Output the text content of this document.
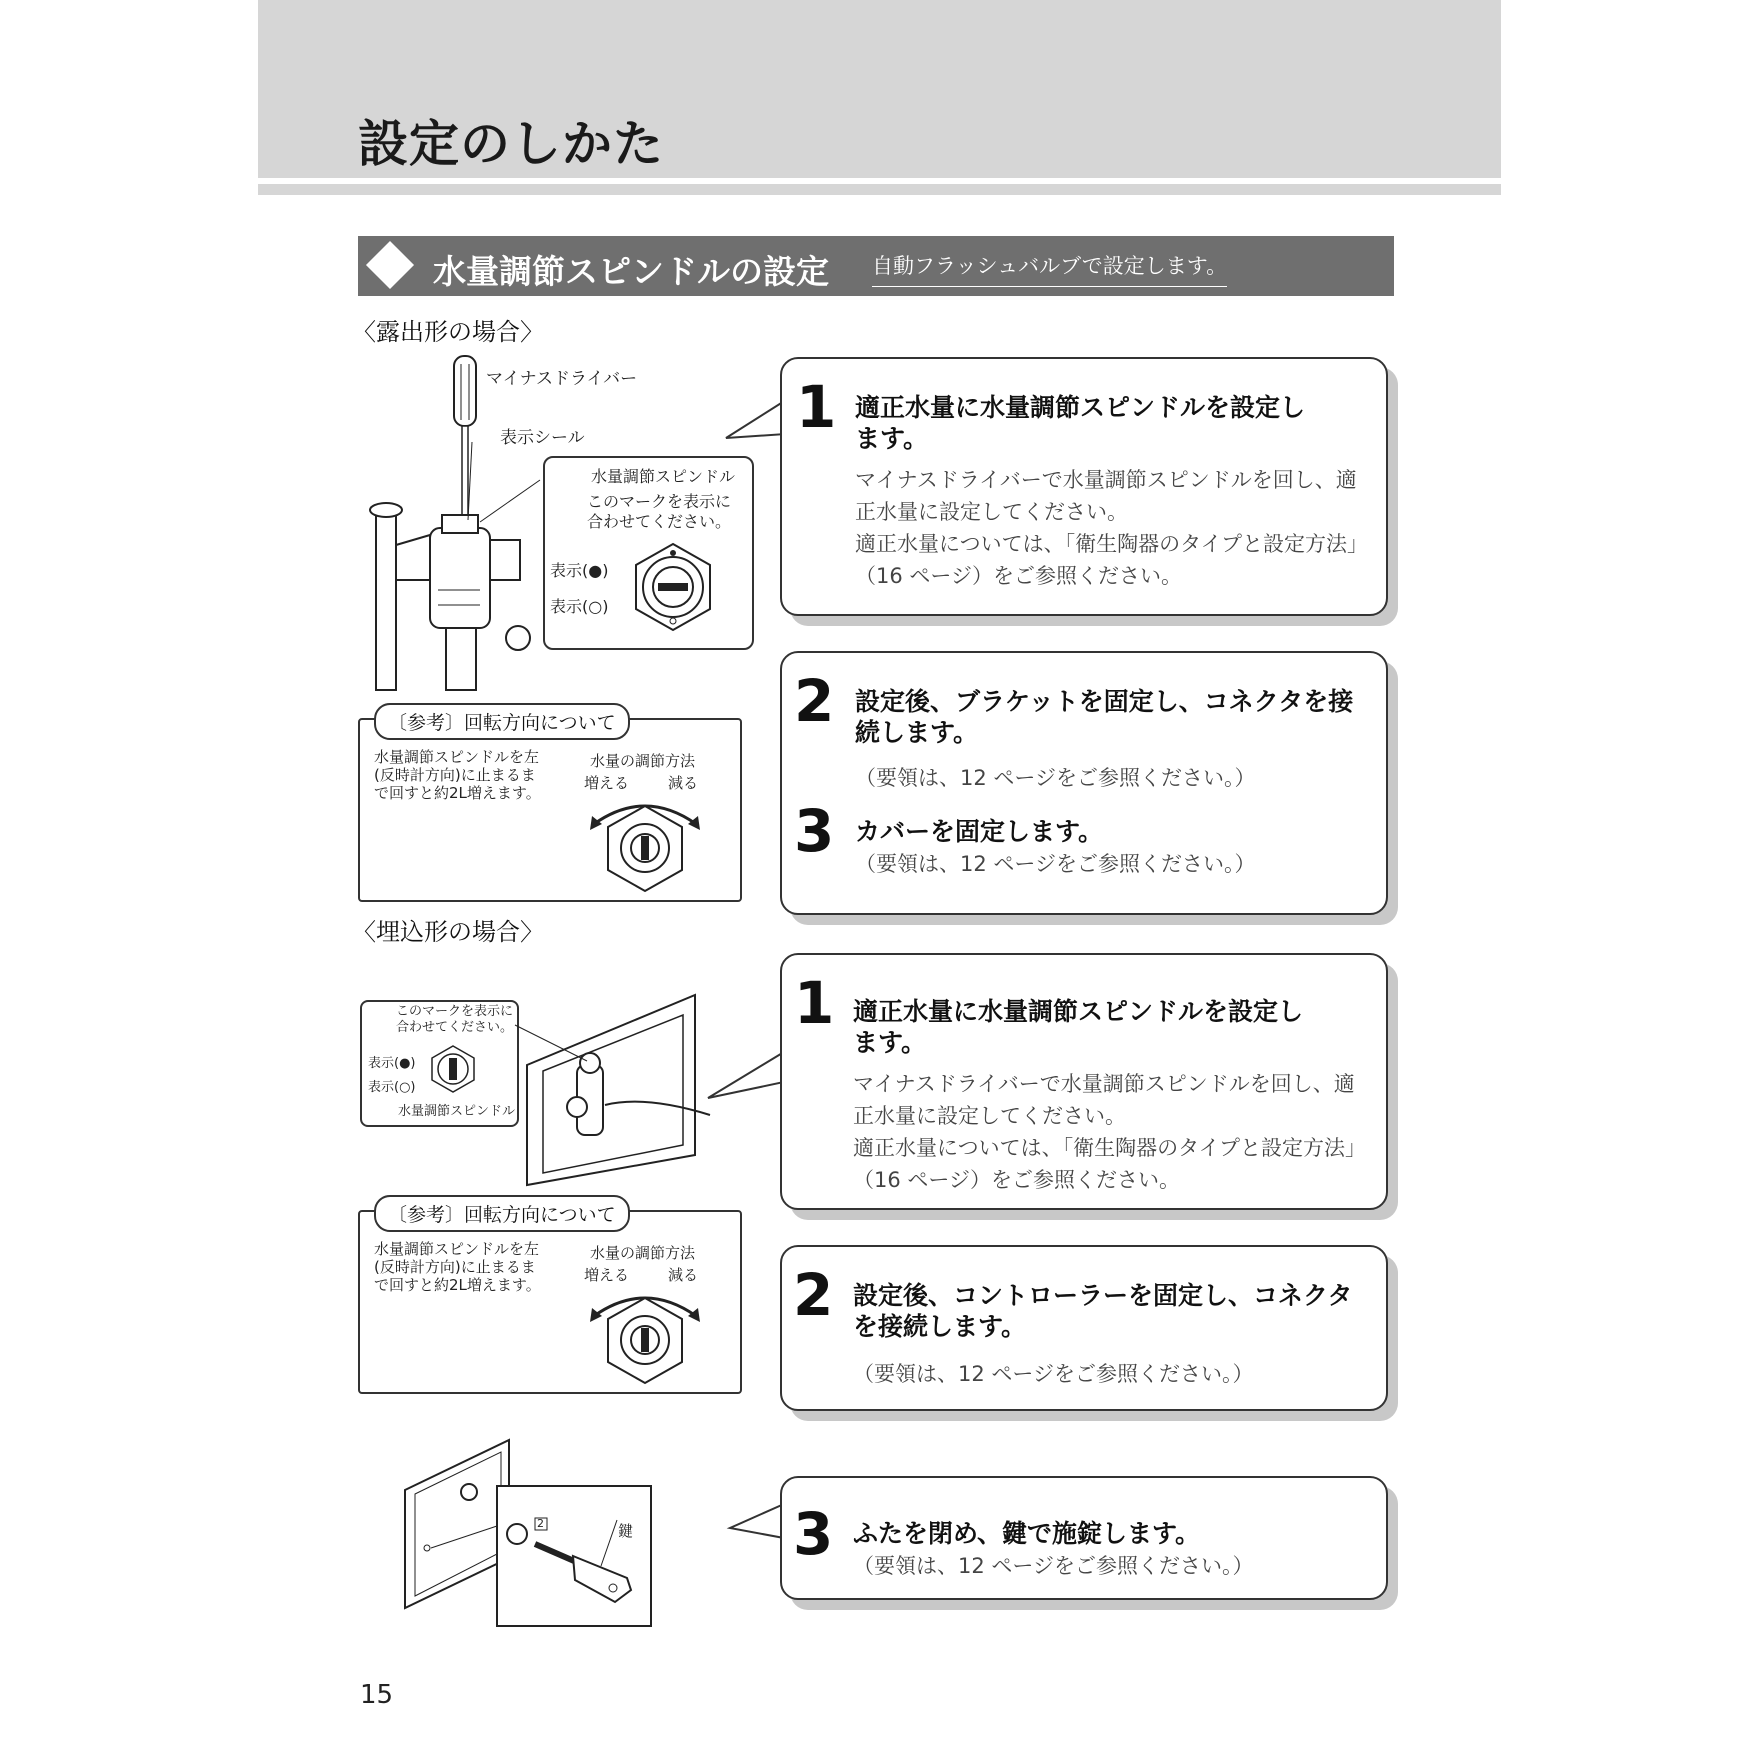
設定のしかた
水量調節スピンドルの設定 自動フラッシュバルブで設定します。
〈露出形の場合〉
マイナスドライバー
表示シール
水量調節スピンドル
このマークを表示に
合わせてください。
表示(●)
表示(○)
〔参考〕回転方向について
水量調節スピンドルを左
(反時計方向)に止まるま
で回すと約2L増えます。
水量の調節方法
増える	減る
1 適正水量に水量調節スピンドルを設定し
ます。
マイナスドライバーで水量調節スピンドルを回し、適
正水量に設定してください。
適正水量については、「衛生陶器のタイプと設定方法」
（16 ページ）をご参照ください。
2 設定後、ブラケットを固定し、コネクタを接
続します。
（要領は、12 ページをご参照ください。）
3 カバーを固定します。
（要領は、12 ページをご参照ください。）
〈埋込形の場合〉
このマークを表示に
合わせてください。
表示(●)
表示(○)
水量調節スピンドル
〔参考〕回転方向について
水量調節スピンドルを左
(反時計方向)に止まるま
で回すと約2L増えます。
水量の調節方法
増える	減る
1 適正水量に水量調節スピンドルを設定し
ます。
マイナスドライバーで水量調節スピンドルを回し、適
正水量に設定してください。
適正水量については、「衛生陶器のタイプと設定方法」
（16 ページ）をご参照ください。
2 設定後、コントローラーを固定し、コネクタ
を接続します。
（要領は、12 ページをご参照ください。）
2	鍵	3 ふたを閉め、鍵で施錠します。
（要領は、12 ページをご参照ください。）
15
